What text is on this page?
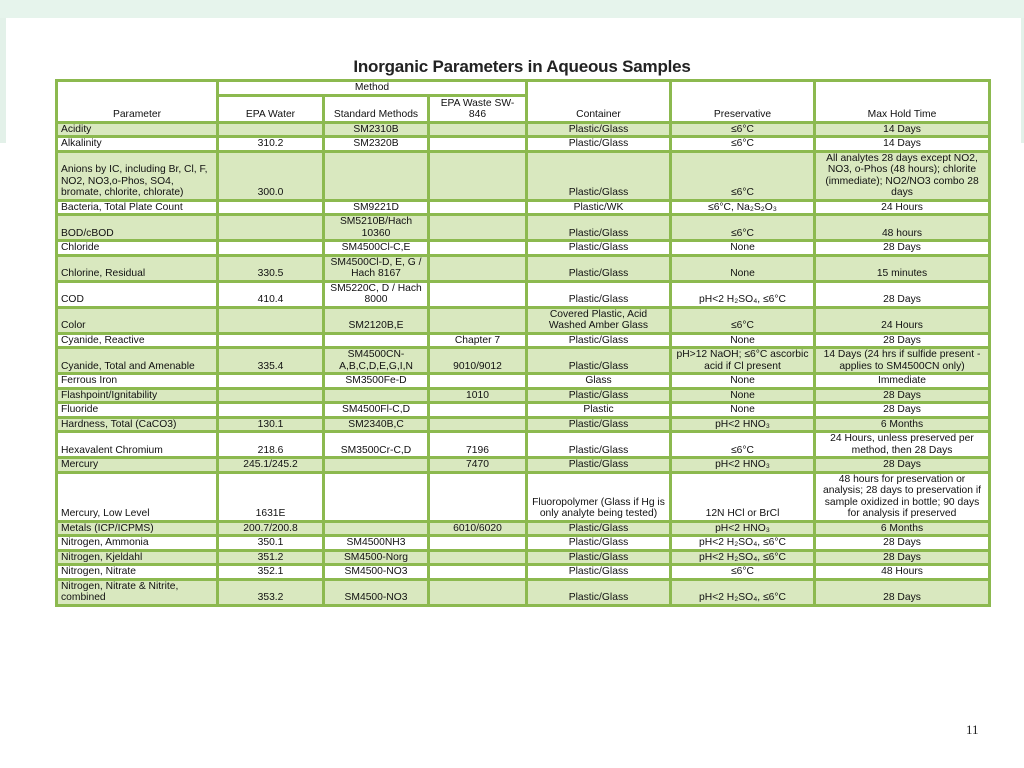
Inorganic Parameters in Aqueous Samples
Parameter	Method			Container	Preservative	Max Hold Time
	EPA Water	Standard Methods	EPA Waste SW-846			
Acidity		SM2310B		Plastic/Glass	≤6°C	14 Days
Alkalinity	310.2	SM2320B		Plastic/Glass	≤6°C	14 Days
Anions by IC, including Br, Cl, F, NO2, NO3,o-Phos, SO4, bromate, chlorite, chlorate)	300.0			Plastic/Glass	≤6°C	All analytes 28 days except NO2, NO3, o-Phos (48 hours); chlorite (immediate); NO2/NO3 combo 28 days
Bacteria, Total Plate Count		SM9221D		Plastic/WK	≤6°C, Na₂S₂O₃	24 Hours
BOD/cBOD		SM5210B/Hach 10360		Plastic/Glass	≤6°C	48 hours
Chloride		SM4500Cl-C,E		Plastic/Glass	None	28 Days
Chlorine, Residual	330.5	SM4500Cl-D, E, G / Hach 8167		Plastic/Glass	None	15 minutes
COD	410.4	SM5220C, D / Hach 8000		Plastic/Glass	pH<2 H₂SO₄, ≤6°C	28 Days
Color		SM2120B,E		Covered Plastic, Acid Washed Amber Glass	≤6°C	24 Hours
Cyanide, Reactive			Chapter 7	Plastic/Glass	None	28 Days
Cyanide, Total and Amenable	335.4	SM4500CN- A,B,C,D,E,G,I,N	9010/9012	Plastic/Glass	pH>12 NaOH; ≤6°C ascorbic acid if Cl present	14 Days (24 hrs if sulfide present - applies to SM4500CN only)
Ferrous Iron		SM3500Fe-D		Glass	None	Immediate
Flashpoint/Ignitability			1010	Plastic/Glass	None	28 Days
Fluoride		SM4500Fl-C,D		Plastic	None	28 Days
Hardness, Total (CaCO3)	130.1	SM2340B,C		Plastic/Glass	pH<2 HNO₃	6 Months
Hexavalent Chromium	218.6	SM3500Cr-C,D	7196	Plastic/Glass	≤6°C	24 Hours, unless preserved per method, then 28 Days
Mercury	245.1/245.2		7470	Plastic/Glass	pH<2 HNO₃	28 Days
Mercury, Low Level	1631E			Fluoropolymer (Glass if Hg is only analyte being tested)	12N HCl or BrCl	48 hours for preservation or analysis; 28 days to preservation if sample oxidized in bottle; 90 days for analysis if preserved
Metals (ICP/ICPMS)	200.7/200.8		6010/6020	Plastic/Glass	pH<2 HNO₃	6 Months
Nitrogen, Ammonia	350.1	SM4500NH3		Plastic/Glass	pH<2 H₂SO₄, ≤6°C	28 Days
Nitrogen, Kjeldahl	351.2	SM4500-Norg		Plastic/Glass	pH<2 H₂SO₄, ≤6°C	28 Days
Nitrogen, Nitrate	352.1	SM4500-NO3		Plastic/Glass	≤6°C	48 Hours
Nitrogen, Nitrate & Nitrite, combined	353.2	SM4500-NO3		Plastic/Glass	pH<2 H₂SO₄, ≤6°C	28 Days
11
